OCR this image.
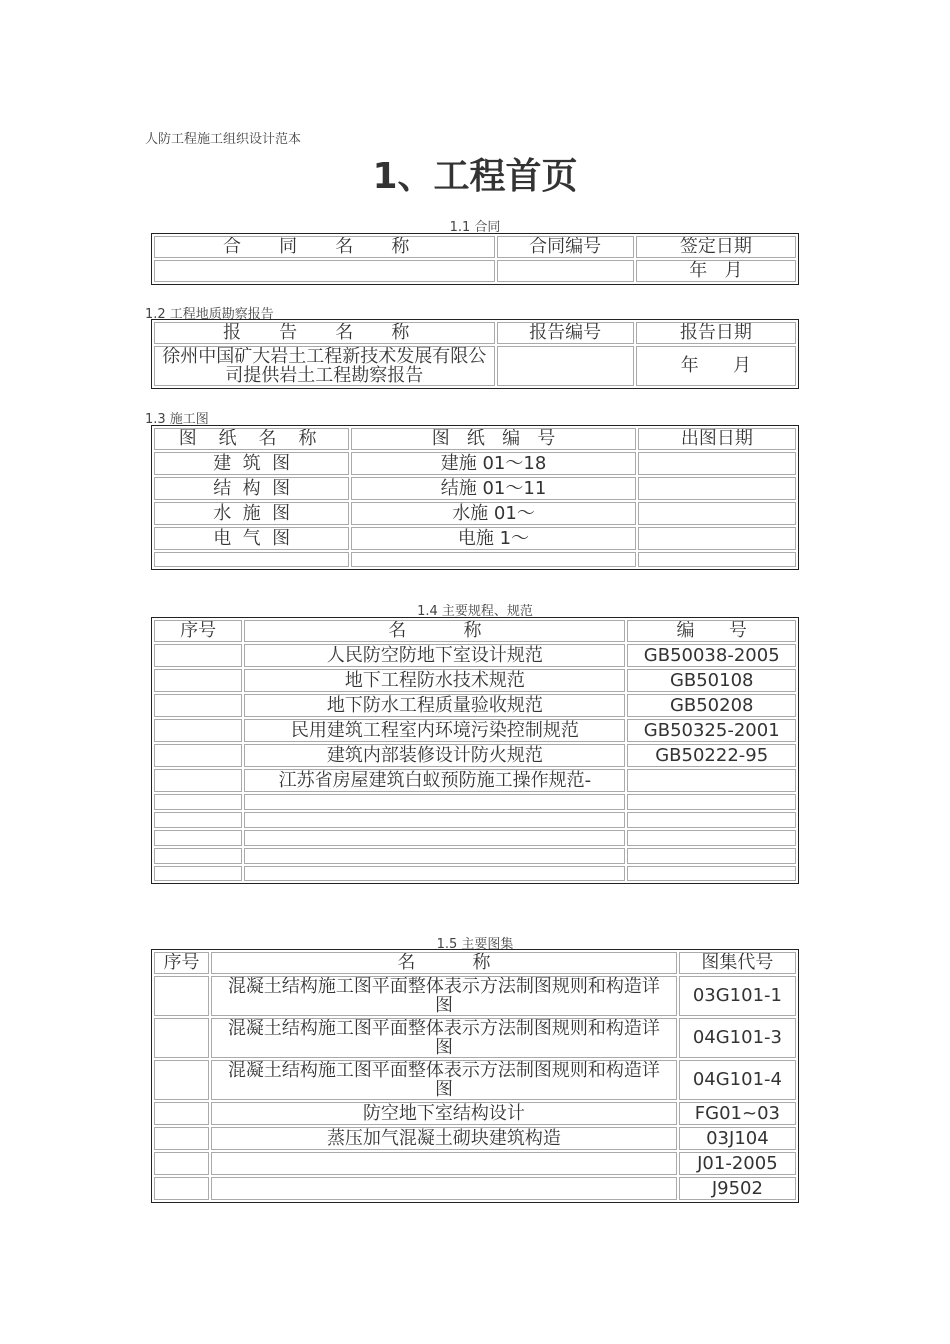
人防工程施工组织设计范本
1、工程首页
1.1 合同
合 同 名 称	合同编号	签定日期
		年   月
1.2 工程地质勘察报告
报 告 名 称	报告编号	报告日期
徐州中国矿大岩土工程新技术发展有限公司提供岩土工程勘察报告		年      月
1.3 施工图
图 纸 名 称	图   纸   编   号	出图日期
建  筑  图	建施 01～18	
结  构  图	结施 01～11	
水  施  图	水施 01～	
电  气  图	电施 1～	

1.4 主要规程、规范
序号	名          称	编      号
	人民防空防地下室设计规范	GB50038-2005
	地下工程防水技术规范	GB50108
	地下防水工程质量验收规范	GB50208
	民用建筑工程室内环境污染控制规范	GB50325-2001
	建筑内部装修设计防火规范	GB50222-95
	江苏省房屋建筑白蚁预防施工操作规范-	

1.5 主要图集
序号	名          称	图集代号
	混凝土结构施工图平面整体表示方法制图规则和构造详图	03G101-1
	混凝土结构施工图平面整体表示方法制图规则和构造详图	04G101-3
	混凝土结构施工图平面整体表示方法制图规则和构造详图	04G101-4
	防空地下室结构设计	FG01~03
	蒸压加气混凝土砌块建筑构造	03J104
		J01-2005
		J9502
